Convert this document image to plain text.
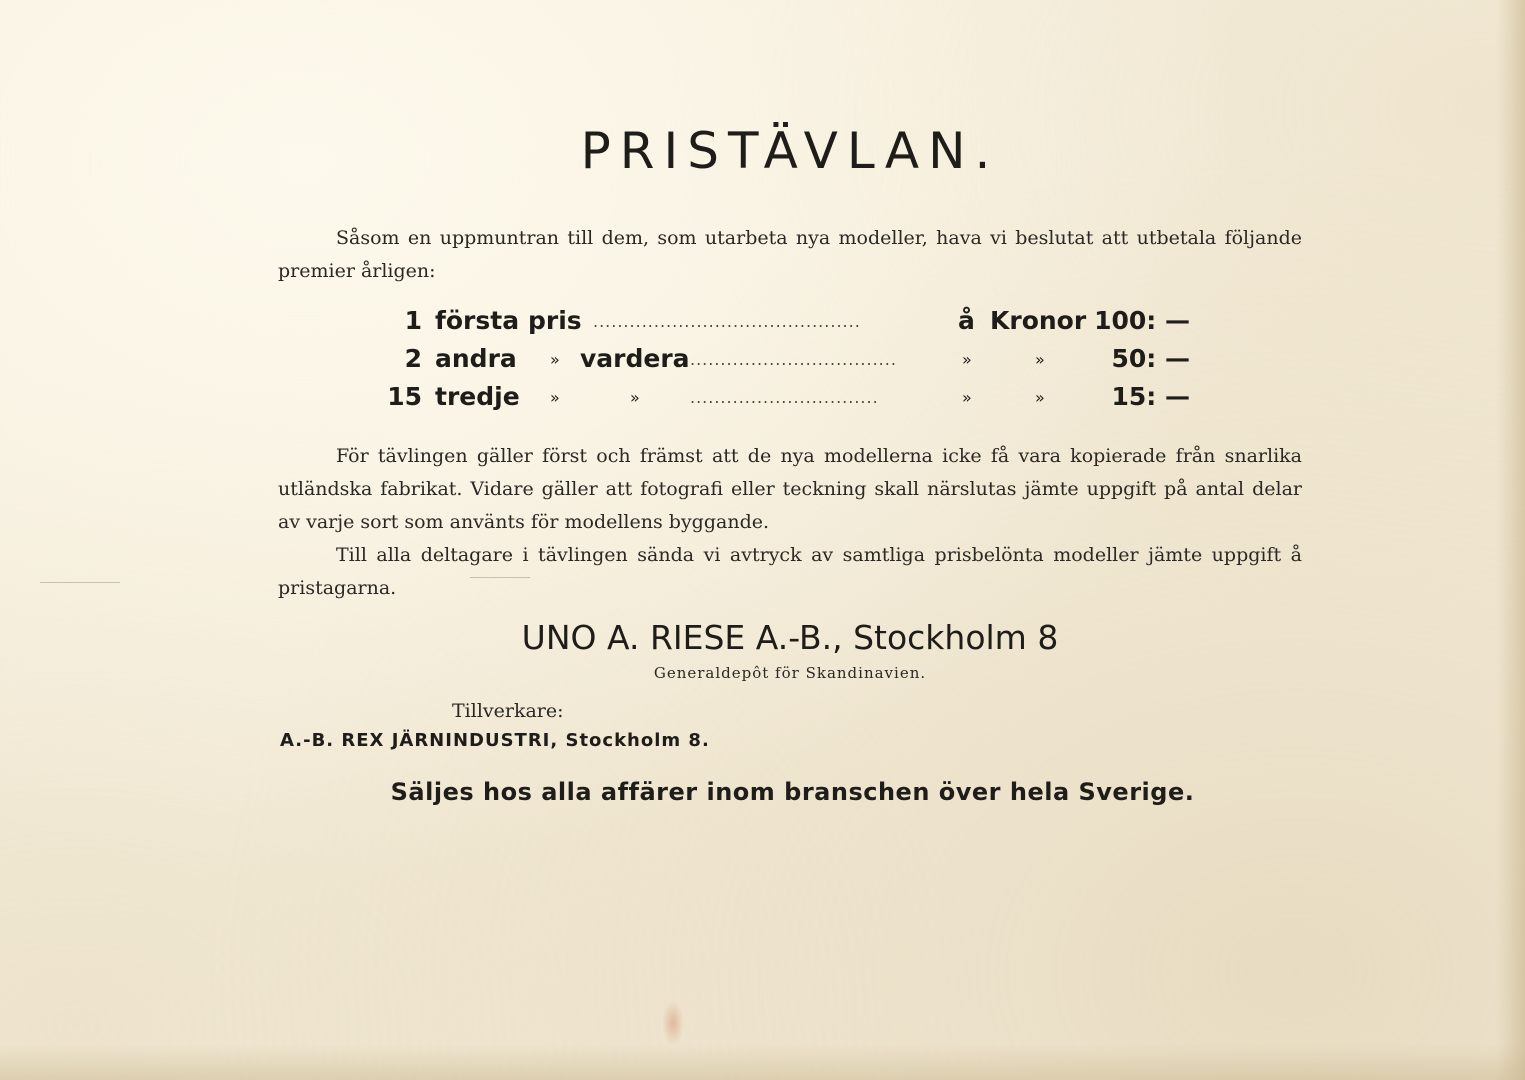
PRISTÄVLAN.
Såsom en uppmuntran till dem, som utarbeta nya modeller, hava vi beslutat att utbetala följande premier årligen:
1 första pris ............................................	å Kronor 100: —
2 andra » vardera ..................................	»	»	50: —
15 tredje »	»	...............................	»	»	15: —
För tävlingen gäller först och främst att de nya modellerna icke få vara kopierade från snarlika utländska fabrikat. Vidare gäller att fotografi eller teckning skall närslutas jämte uppgift på antal delar av varje sort som använts för modellens byggande.
Till alla deltagare i tävlingen sända vi avtryck av samtliga prisbelönta modeller jämte uppgift å pristagarna.
UNO A. RIESE A.-B., Stockholm 8
Generaldepôt för Skandinavien.
Tillverkare:
A.-B. REX JÄRNINDUSTRI, Stockholm 8.
Säljes hos alla affärer inom branschen över hela Sverige.
